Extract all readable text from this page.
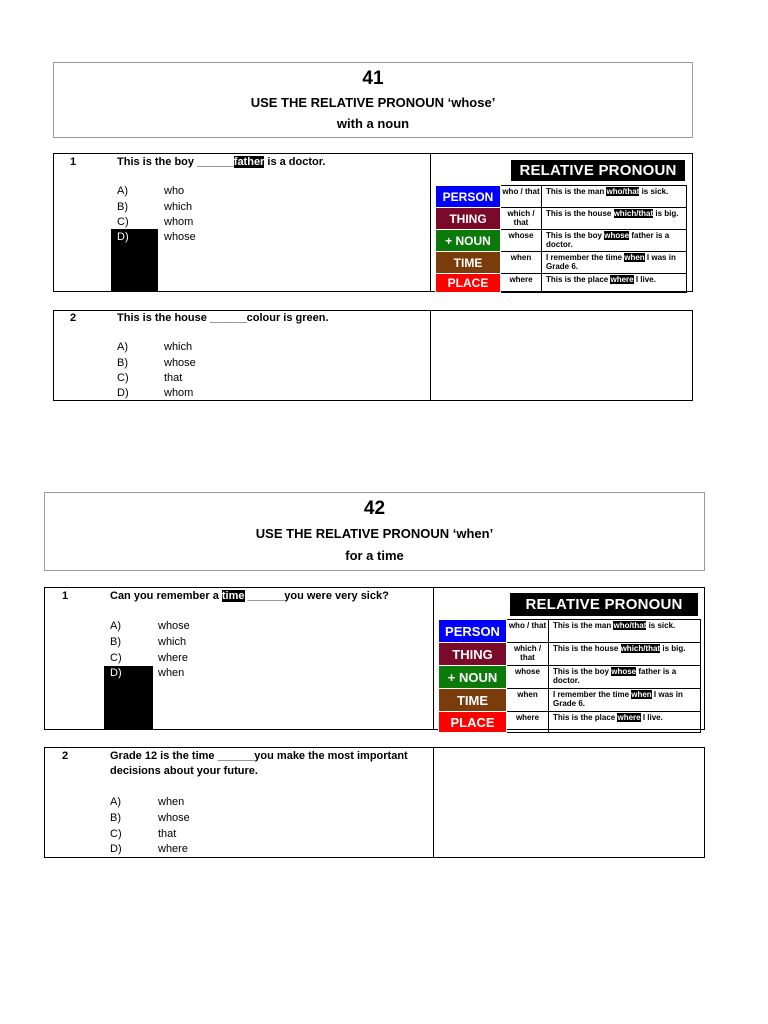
41
USE THE RELATIVE PRONOUN ‘whose’
with a noun
1	This is the boy ______father is a doctor.
A)	who
B)	which
C)	whom
D)	whose
RELATIVE PRONOUN
PERSON	who / that	This is the man who/that is sick.
THING	which / that	This is the house which/that is big.
+ NOUN	whose	This is the boy whose father is a doctor.
TIME	when	I remember the time when I was in Grade 6.
PLACE	where	This is the place where I live.
2	This is the house ______colour is green.
A)	which
B)	whose
C)	that
D)	whom
42
USE THE RELATIVE PRONOUN ‘when’
for a time
1	Can you remember a time ______you were very sick?
A)	whose
B)	which
C)	where
D)	when
RELATIVE PRONOUN
PERSON	who / that	This is the man who/that is sick.
THING	which / that	This is the house which/that is big.
+ NOUN	whose	This is the boy whose father is a doctor.
TIME	when	I remember the time when I was in Grade 6.
PLACE	where	This is the place where I live.
2	Grade 12 is the time ______you make the most important
decisions about your future.
A)	when
B)	whose
C)	that
D)	where
